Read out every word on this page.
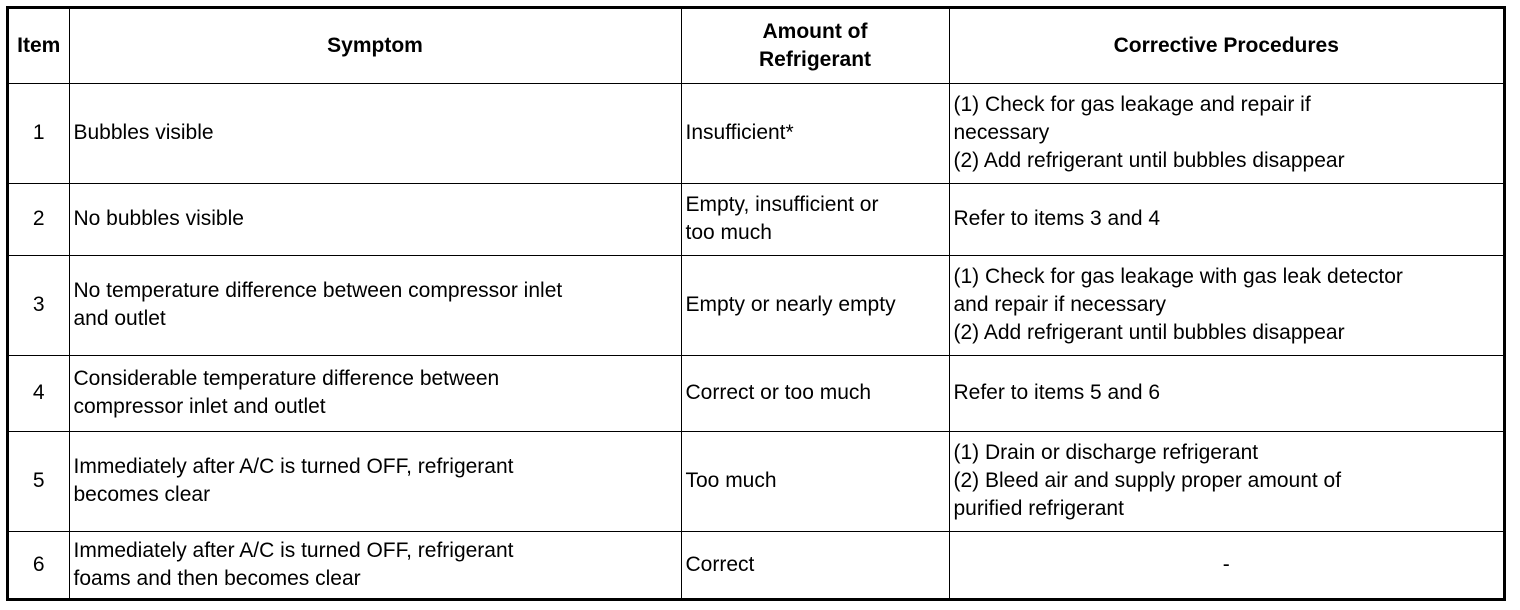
Item	Symptom	Amount of
Refrigerant	Corrective Procedures
1	Bubbles visible	Insufficient*	(1) Check for gas leakage and repair if
necessary
(2) Add refrigerant until bubbles disappear

2	No bubbles visible	Empty, insufficient or
too much	Refer to items 3 and 4

3	No temperature difference between compressor inlet
and outlet	Empty or nearly empty	(1) Check for gas leakage with gas leak detector
and repair if necessary
(2) Add refrigerant until bubbles disappear

4	Considerable temperature difference between
compressor inlet and outlet	Correct or too much	Refer to items 5 and 6

5	Immediately after A/C is turned OFF, refrigerant
becomes clear	Too much	(1) Drain or discharge refrigerant
(2) Bleed air and supply proper amount of
purified refrigerant

6	Immediately after A/C is turned OFF, refrigerant
foams and then becomes clear	Correct	-
